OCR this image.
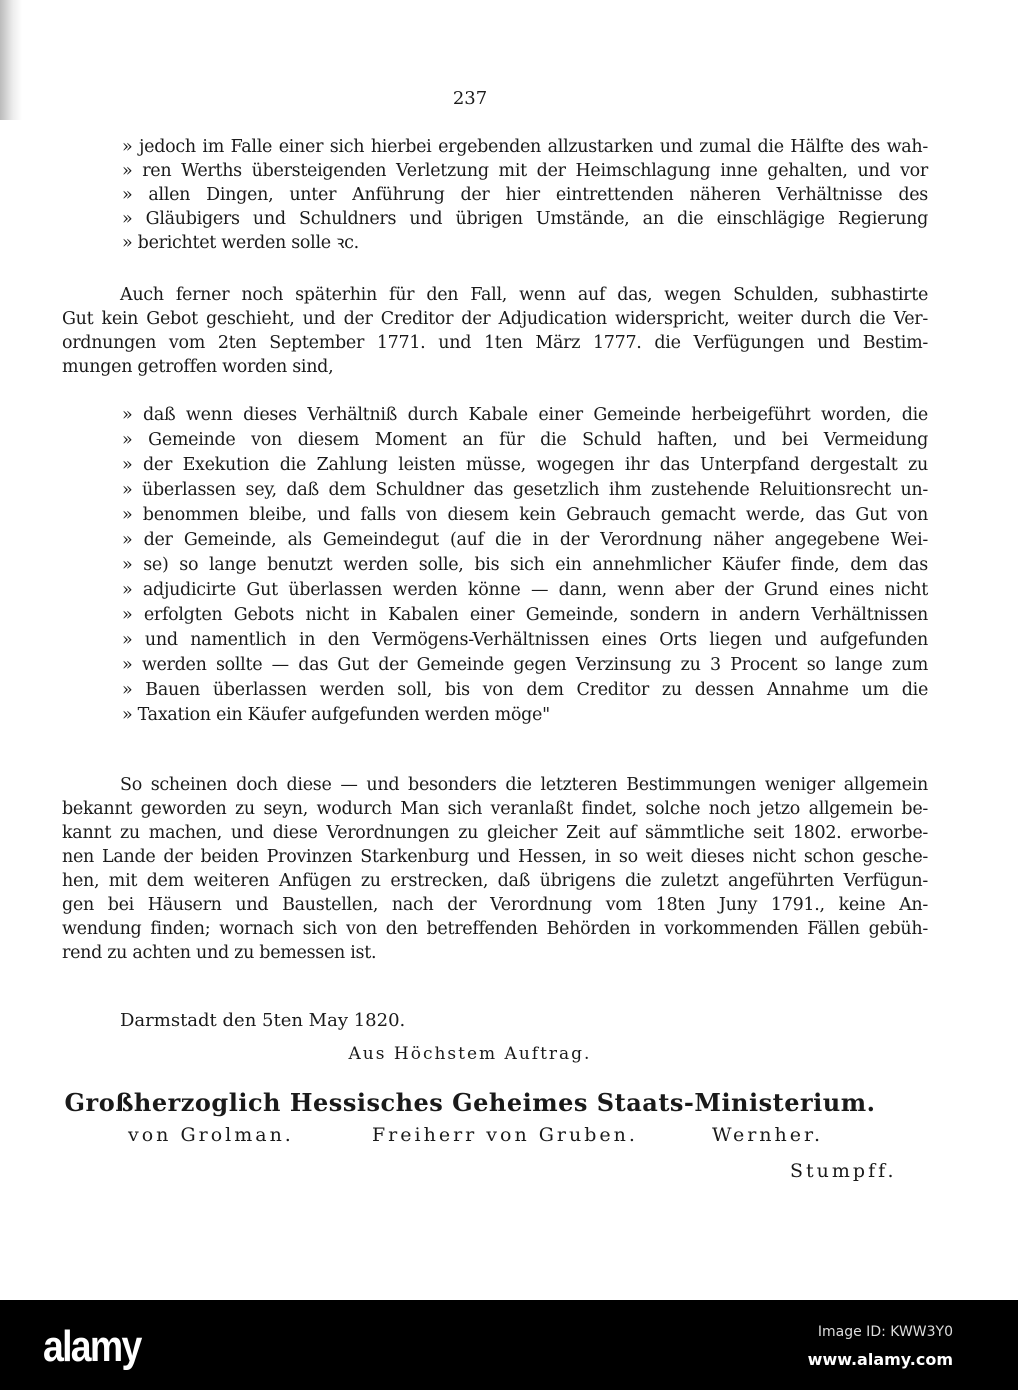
237
» jedoch im Falle einer sich hierbei ergebenden allzustarken und zumal die Hälfte des wah-
» ren Werths übersteigenden Verletzung mit der Heimschlagung inne gehalten, und vor
» allen Dingen, unter Anführung der hier eintrettenden näheren Verhältnisse des
» Gläubigers und Schuldners und übrigen Umstände, an die einschlägige Regierung
» berichtet werden solle ꝛc.
Auch ferner noch späterhin für den Fall, wenn auf das, wegen Schulden, subhastirte
Gut kein Gebot geschieht, und der Creditor der Adjudication widerspricht, weiter durch die Ver-
ordnungen vom 2ten September 1771. und 1ten März 1777. die Verfügungen und Bestim-
mungen getroffen worden sind,
» daß wenn dieses Verhältniß durch Kabale einer Gemeinde herbeigeführt worden, die
» Gemeinde von diesem Moment an für die Schuld haften, und bei Vermeidung
» der Exekution die Zahlung leisten müsse, wogegen ihr das Unterpfand dergestalt zu
» überlassen sey, daß dem Schuldner das gesetzlich ihm zustehende Reluitionsrecht un-
» benommen bleibe, und falls von diesem kein Gebrauch gemacht werde, das Gut von
» der Gemeinde, als Gemeindegut (auf die in der Verordnung näher angegebene Wei-
» se) so lange benutzt werden solle, bis sich ein annehmlicher Käufer finde, dem das
» adjudicirte Gut überlassen werden könne — dann, wenn aber der Grund eines nicht
» erfolgten Gebots nicht in Kabalen einer Gemeinde, sondern in andern Verhältnissen
» und namentlich in den Vermögens-Verhältnissen eines Orts liegen und aufgefunden
» werden sollte — das Gut der Gemeinde gegen Verzinsung zu 3 Procent so lange zum
» Bauen überlassen werden soll, bis von dem Creditor zu dessen Annahme um die
» Taxation ein Käufer aufgefunden werden möge"
So scheinen doch diese — und besonders die letzteren Bestimmungen weniger allgemein
bekannt geworden zu seyn, wodurch Man sich veranlaßt findet, solche noch jetzo allgemein be-
kannt zu machen, und diese Verordnungen zu gleicher Zeit auf sämmtliche seit 1802. erworbe-
nen Lande der beiden Provinzen Starkenburg und Hessen, in so weit dieses nicht schon gesche-
hen, mit dem weiteren Anfügen zu erstrecken, daß übrigens die zuletzt angeführten Verfügun-
gen bei Häusern und Baustellen, nach der Verordnung vom 18ten Juny 1791., keine An-
wendung finden; wornach sich von den betreffenden Behörden in vorkommenden Fällen gebüh-
rend zu achten und zu bemessen ist.
Darmstadt den 5ten May 1820.
Aus Höchstem Auftrag.
Großherzoglich Hessisches Geheimes Staats-Ministerium.
von Grolman.	Freiherr von Gruben.	Wernher.
Stumpff.
alamy	Image ID: KWW3Y0
www.alamy.com
